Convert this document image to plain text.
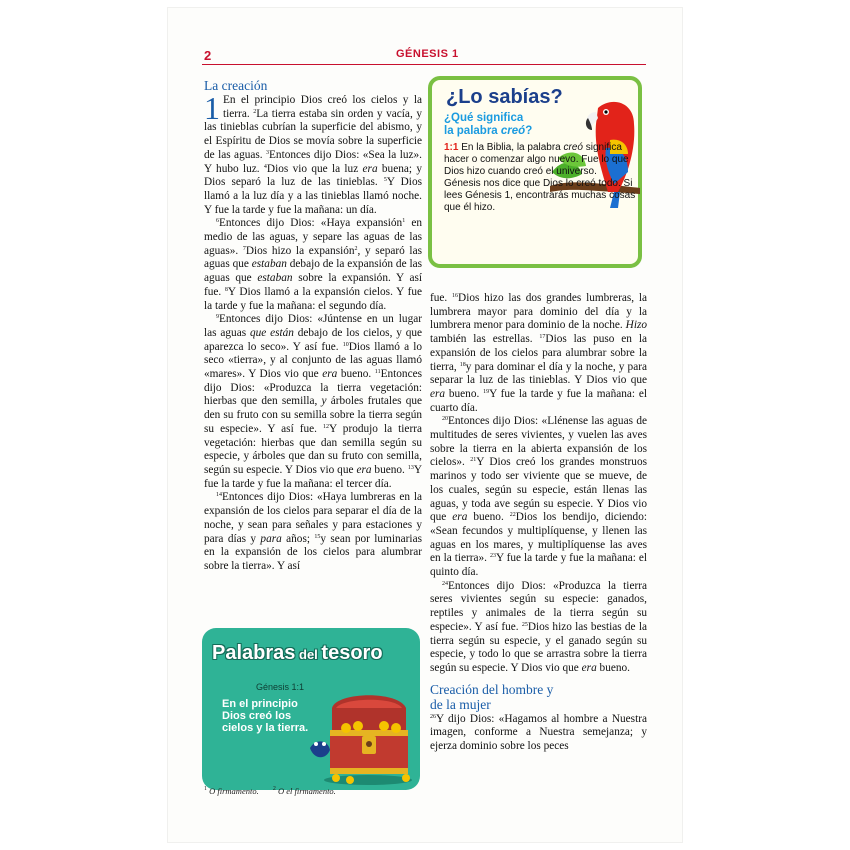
2	GÉNESIS 1
La creación

1 En el principio Dios creó los cielos y la tierra. $^2$La tierra estaba sin orden y vacía, y las tinieblas cubrían la superficie del abismo, y el Espíritu de Dios se movía sobre la superficie de las aguas. $^3$Entonces dijo Dios: «Sea la luz». Y hubo luz. $^4$Dios vio que la luz era buena; y Dios separó la luz de las tinieblas. $^5$Y Dios llamó a la luz día y a las tinieblas llamó noche. Y fue la tarde y fue la mañana: un día.

$^6$Entonces dijo Dios: «Haya expansión$^1$ en medio de las aguas, y separe las aguas de las aguas». $^7$Dios hizo la expansión$^2$, y separó las aguas que estaban debajo de la expansión de las aguas que estaban sobre la expansión. Y así fue. $^8$Y Dios llamó a la expansión cielos. Y fue la tarde y fue la mañana: el segundo día.

$^9$Entonces dijo Dios: «Júntense en un lugar las aguas que están debajo de los cielos, y que aparezca lo seco». Y así fue. $^{10}$Dios llamó a lo seco «tierra», y al conjunto de las aguas llamó «mares». Y Dios vio que era bueno. $^{11}$Entonces dijo Dios: «Produzca la tierra vegetación: hierbas que den semilla, y árboles frutales que den su fruto con su semilla sobre la tierra según su especie». Y así fue. $^{12}$Y produjo la tierra vegetación: hierbas que dan semilla según su especie, y árboles que dan su fruto con semilla, según su especie. Y Dios vio que era bueno. $^{13}$Y fue la tarde y fue la mañana: el tercer día.

$^{14}$Entonces dijo Dios: «Haya lumbreras en la expansión de los cielos para separar el día de la noche, y sean para señales y para estaciones y para días y para años; $^{15}$y sean por luminarias en la expansión de los cielos para alumbrar sobre la tierra». Y así

fue. $^{16}$Dios hizo las dos grandes lumbreras, la lumbrera mayor para dominio del día y la lumbrera menor para dominio de la noche. Hizo también las estrellas. $^{17}$Dios las puso en la expansión de los cielos para alumbrar sobre la tierra, $^{18}$y para dominar el día y la noche, y para separar la luz de las tinieblas. Y Dios vio que era bueno. $^{19}$Y fue la tarde y fue la mañana: el cuarto día.

$^{20}$Entonces dijo Dios: «Llénense las aguas de multitudes de seres vivientes, y vuelen las aves sobre la tierra en la abierta expansión de los cielos». $^{21}$Y Dios creó los grandes monstruos marinos y todo ser viviente que se mueve, de los cuales, según su especie, están llenas las aguas, y toda ave según su especie. Y Dios vio que era bueno. $^{22}$Dios los bendijo, diciendo: «Sean fecundos y multiplíquense, y llenen las aguas en los mares, y multiplíquense las aves en la tierra». $^{23}$Y fue la tarde y fue la mañana: el quinto día.

$^{24}$Entonces dijo Dios: «Produzca la tierra seres vivientes según su especie: ganados, reptiles y animales de la tierra según su especie». Y así fue. $^{25}$Dios hizo las bestias de la tierra según su especie, y el ganado según su especie, y todo lo que se arrastra sobre la tierra según su especie. Y Dios vio que era bueno.

Creación del hombre y
de la mujer

$^{26}$Y dijo Dios: «Hagamos al hombre a Nuestra imagen, conforme a Nuestra semejanza; y ejerza dominio sobre los peces

¿Lo sabías?
¿Qué significa
la palabra creó?
1:1 En la Biblia, la palabra creó significa hacer o comenzar algo nuevo. Fue lo que Dios hizo cuando creó el universo. Génesis nos dice que Dios lo creó todo. Si lees Génesis 1, encontrarás muchas cosas que él hizo.
Palabras del tesoro
Génesis 1:1
En el principio Dios creó los cielos y la tierra.
$^1$ O firmamento. $^2$ O el firmamento.
